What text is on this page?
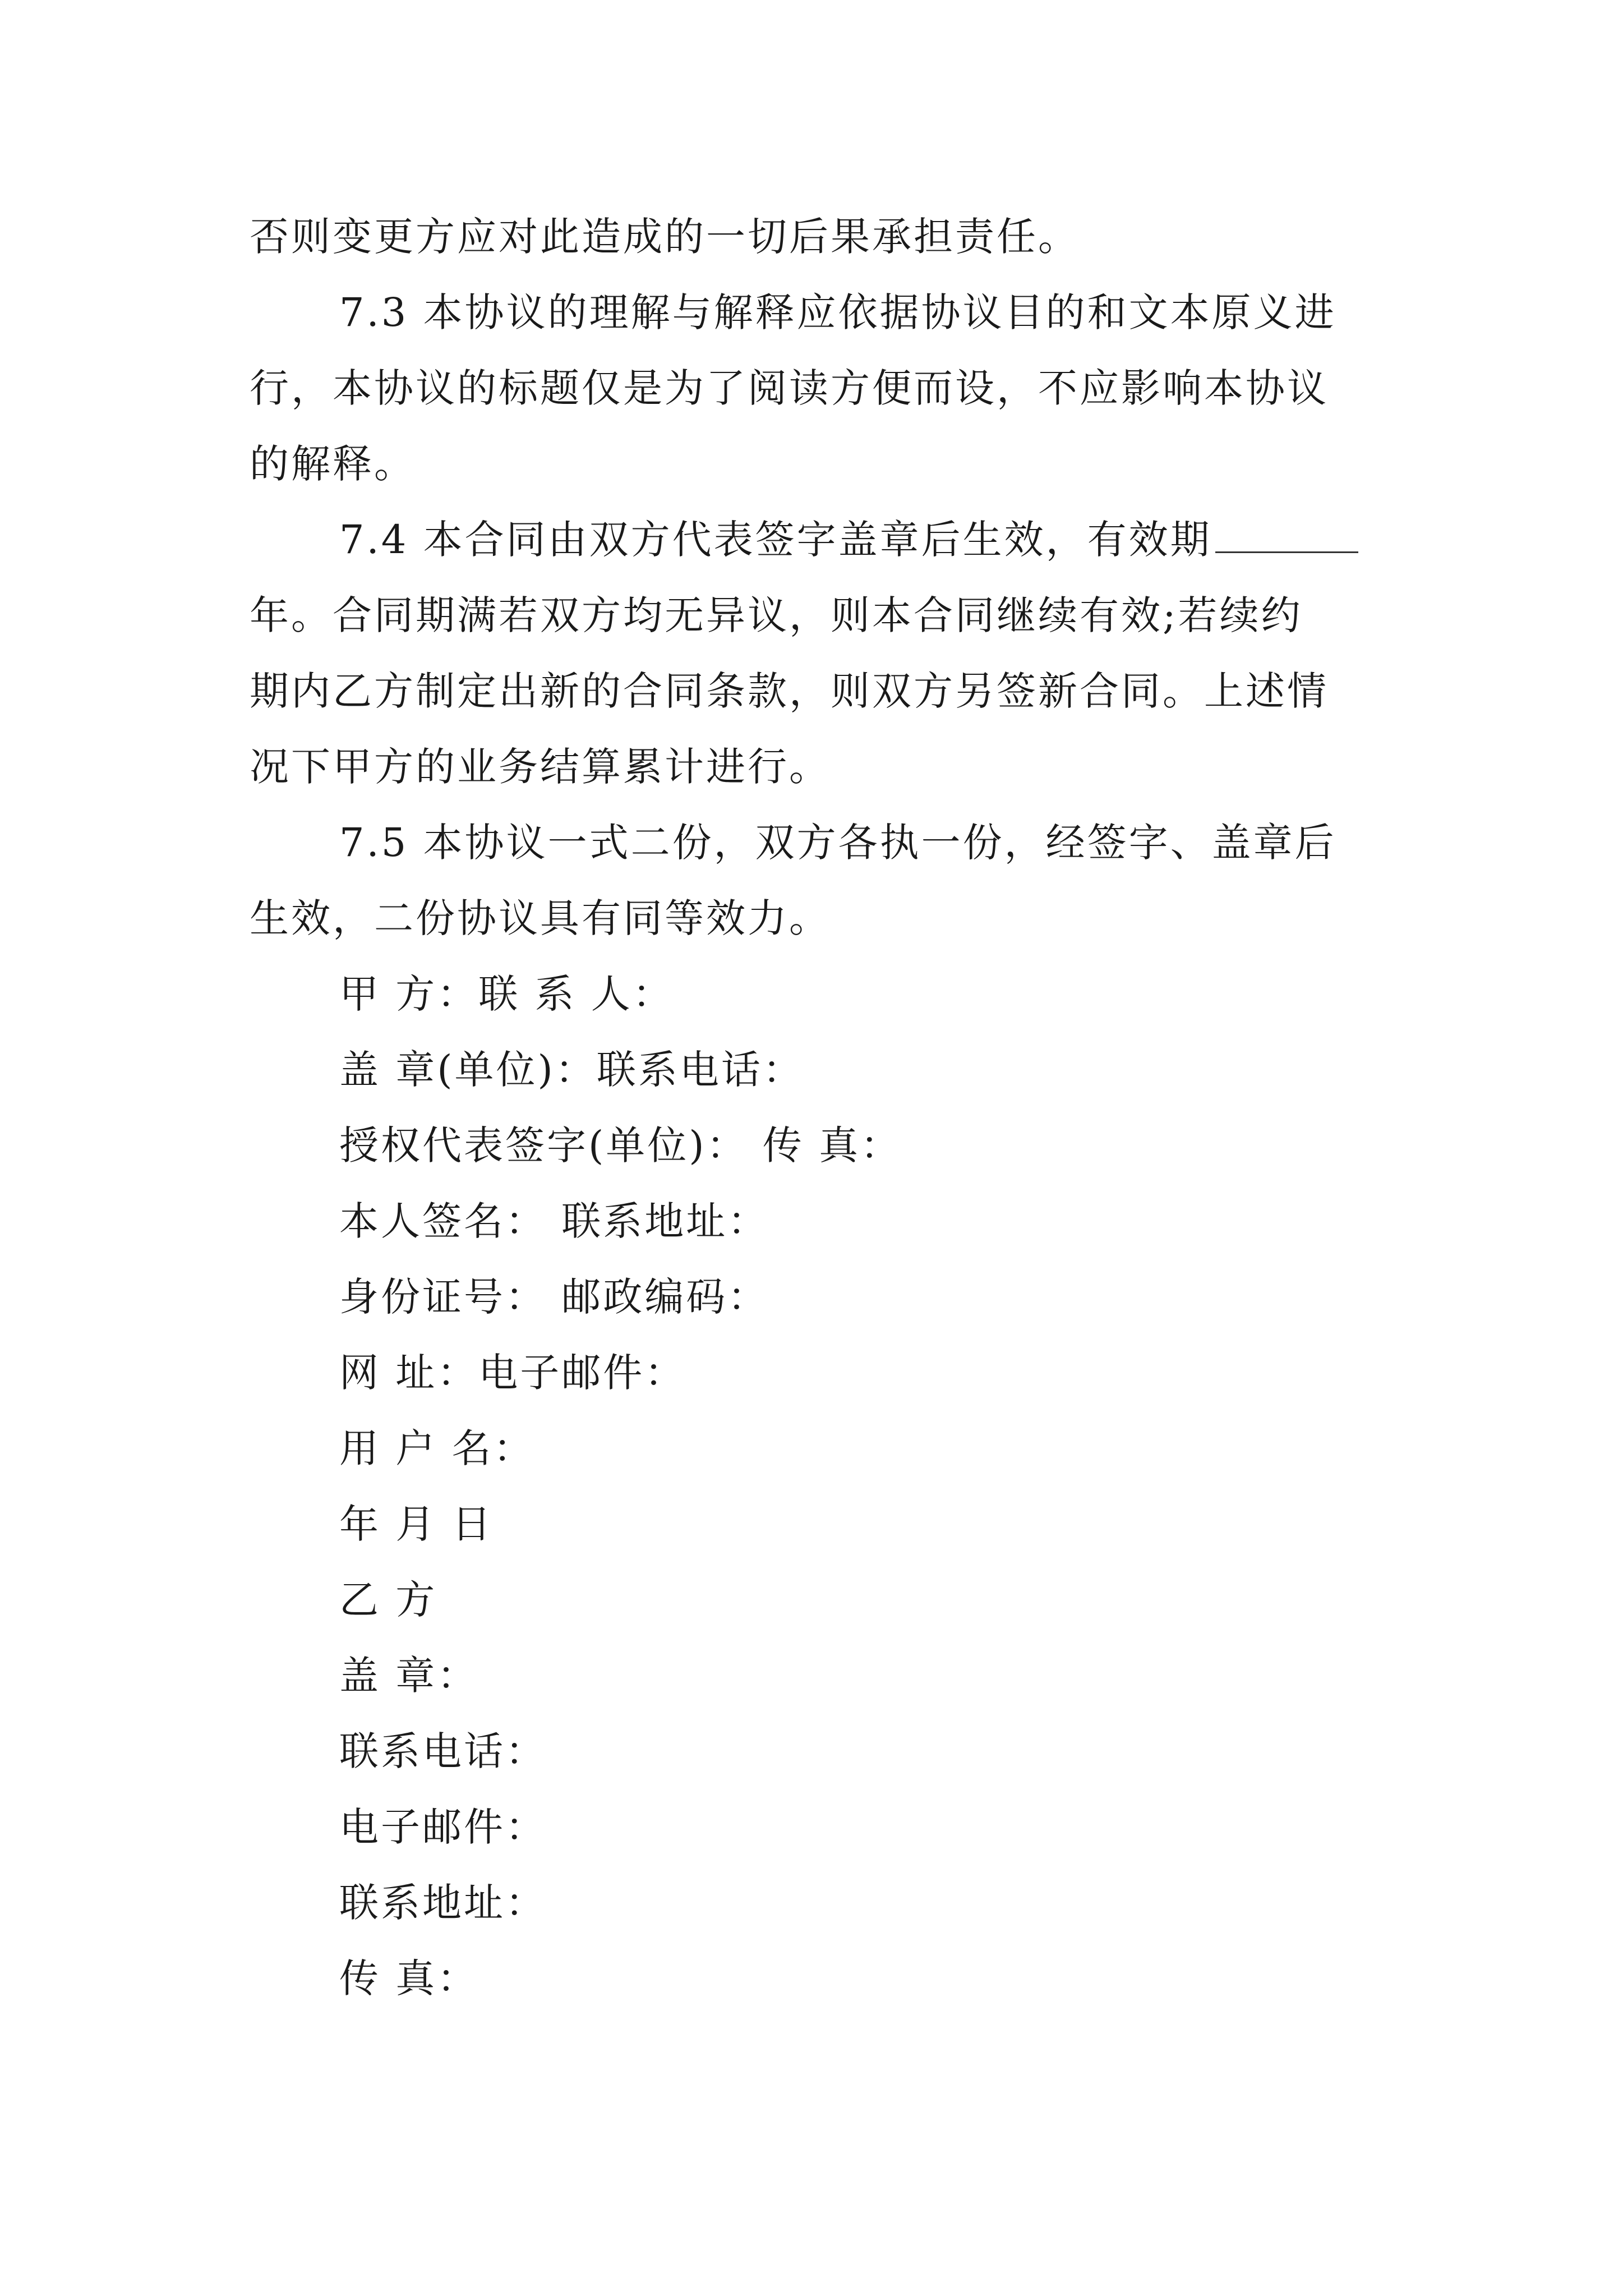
否则变更方应对此造成的一切后果承担责任。
7.3 本协议的理解与解释应依据协议目的和文本原义进
行，本协议的标题仅是为了阅读方便而设，不应影响本协议
的解释。
7.4 本合同由双方代表签字盖章后生效，有效期
年。合同期满若双方均无异议，则本合同继续有效;若续约
期内乙方制定出新的合同条款，则双方另签新合同。上述情
况下甲方的业务结算累计进行。
7.5 本协议一式二份，双方各执一份，经签字、盖章后
生效，二份协议具有同等效力。
甲 方：联 系 人：
盖 章(单位)：联系电话：
授权代表签字(单位)： 传 真：
本人签名： 联系地址：
身份证号： 邮政编码：
网 址：电子邮件：
用 户 名：
年 月 日
乙 方
盖 章：
联系电话：
电子邮件：
联系地址：
传 真：
